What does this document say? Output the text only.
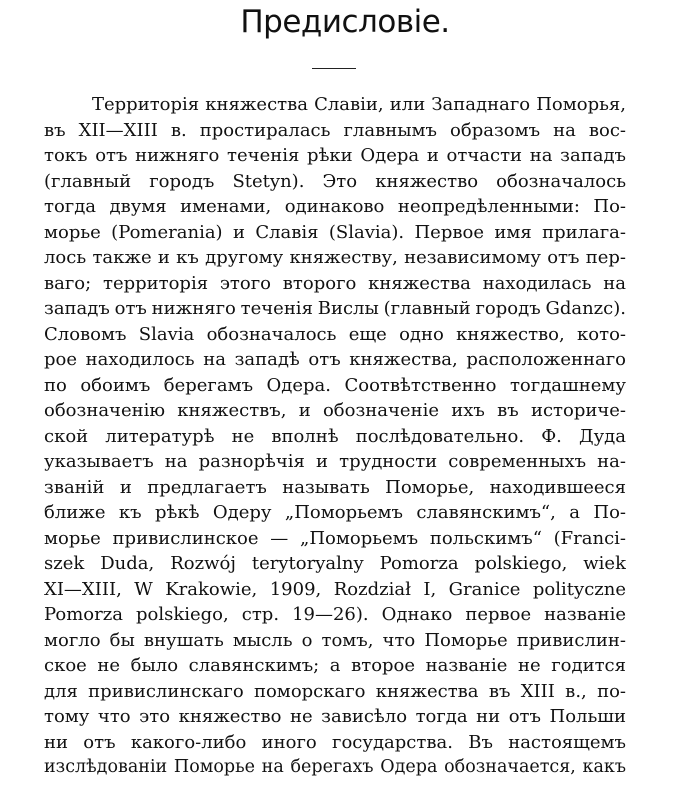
Предисловіе.
Территорія княжества Славіи, или Западнаго Поморья,
въ XII—XIII в. простиралась главнымъ образомъ на вос-
токъ отъ нижняго теченія рѣки Одера и отчасти на западъ
(главный городъ Stetyn). Это княжество обозначалось
тогда двумя именами, одинаково неопредѣленными: По-
морье (Pomerania) и Славія (Slavia). Первое имя прилага-
лось также и къ другому княжеству, независимому отъ пер-
ваго; территорія этого второго княжества находилась на
западъ отъ нижняго теченія Вислы (главный городъ Gdanzc).
Словомъ Slavia обозначалось еще одно княжество, кото-
рое находилось на западѣ отъ княжества, расположеннаго
по обоимъ берегамъ Одера. Соотвѣтственно тогдашнему
обозначенію княжествъ, и обозначеніе ихъ въ историче-
ской литературѣ не вполнѣ послѣдовательно. Ф. Дуда
указываетъ на разнорѣчія и трудности современныхъ на-
званій и предлагаетъ называть Поморье, находившееся
ближе къ рѣкѣ Одеру „Поморьемъ славянскимъ“, а По-
морье привислинское — „Поморьемъ польскимъ“ (Franci-
szek Duda, Rozwój terytoryalny Pomorza polskiego, wiek
XI—XIII, W Krakowie, 1909, Rozdział I, Granice polityczne
Pomorza polskiego, стр. 19—26). Однако первое названіе
могло бы внушать мысль о томъ, что Поморье привислин-
ское не было славянскимъ; а второе названіе не годится
для привислинскаго поморскаго княжества въ XIII в., по-
тому что это княжество не зависѣло тогда ни отъ Польши
ни отъ какого-либо иного государства. Въ настоящемъ
изслѣдованіи Поморье на берегахъ Одера обозначается, какъ
